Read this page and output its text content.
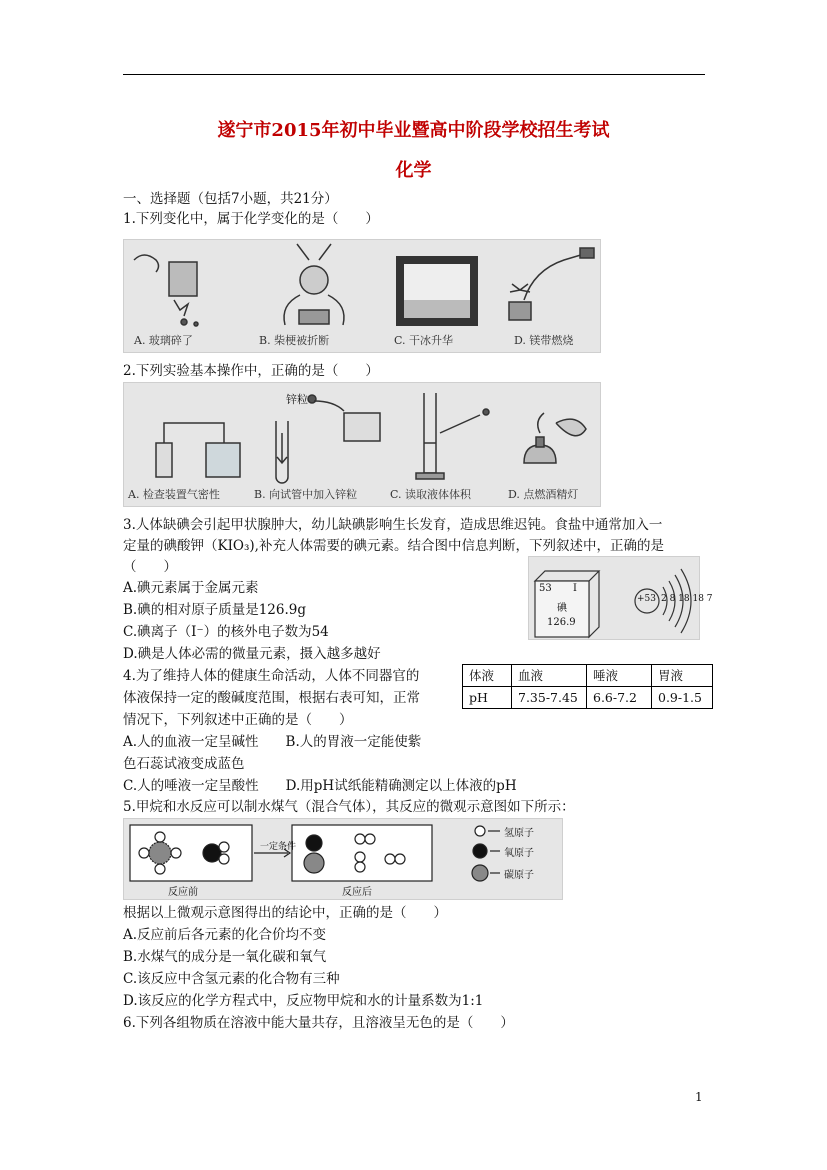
遂宁市2015年初中毕业暨高中阶段学校招生考试
化学
一、选择题（包括7小题，共21分）
1.下列变化中，属于化学变化的是（　　）
A. 玻璃碎了	B. 柴梗被折断	C. 干冰升华	D. 镁带燃烧
2.下列实验基本操作中，正确的是（　　）
锌粒
A. 检查装置气密性	B. 向试管中加入锌粒	C. 读取液体体积	D. 点燃酒精灯
3.人体缺碘会引起甲状腺肿大，幼儿缺碘影响生长发育，造成思维迟钝。食盐中通常加入一
定量的碘酸钾（KIO₃),补充人体需要的碘元素。结合图中信息判断，下列叙述中，正确的是
（　　）
A.碘元素属于金属元素
B.碘的相对原子质量是126.9g
C.碘离子（I⁻）的核外电子数为54
D.碘是人体必需的微量元素，摄入越多越好
53 I
碘
126.9
+53 2 8 18 18 7
4.为了维持人体的健康生命活动，人体不同器官的
体液保持一定的酸碱度范围，根据右表可知，正常
情况下，下列叙述中正确的是（　　）
A.人的血液一定呈碱性　　B.人的胃液一定能使紫
色石蕊试液变成蓝色
C.人的唾液一定呈酸性　　D.用pH试纸能精确测定以上体液的pH
体液	血液	唾液	胃液
pH	7.35-7.45	6.6-7.2	0.9-1.5
5.甲烷和水反应可以制水煤气（混合气体），其反应的微观示意图如下所示：
一定条件
反应前	反应后
氢原子
氧原子
碳原子
根据以上微观示意图得出的结论中，正确的是（　　）
A.反应前后各元素的化合价均不变
B.水煤气的成分是一氧化碳和氧气
C.该反应中含氢元素的化合物有三种
D.该反应的化学方程式中，反应物甲烷和水的计量系数为1:1
6.下列各组物质在溶液中能大量共存，且溶液呈无色的是（　　）
1
